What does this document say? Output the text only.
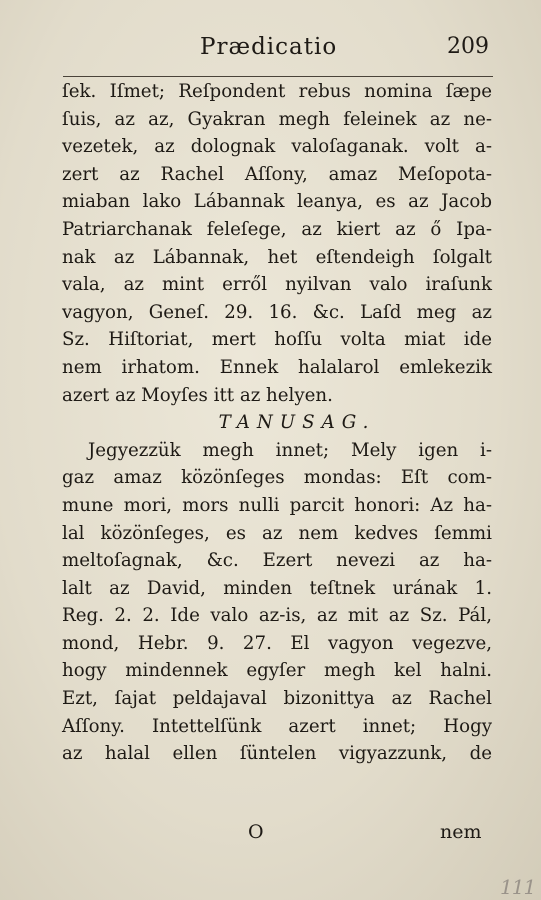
Prædicatio	209
ſek. Iſmet; Reſpondent rebus nomina ſæpe
ſuis, az az, Gyakran megh feleinek az ne-
vezetek, az dolognak valoſaganak. volt a-
zert az Rachel Aſſony, amaz Meſopota-
miaban lako Lábannak leanya, es az Jacob
Patriarchanak feleſege, az kiert az ő Ipa-
nak az Lábannak, het eſtendeigh ſolgalt
vala, az mint erről nyilvan valo iraſunk
vagyon, Geneſ. 29. 16. &c. Laſd meg az
Sz. Hiſtoriat, mert hoſſu volta miat ide
nem irhatom. Ennek halalarol emlekezik
azert az Moyſes itt az helyen.
TANUSAG.
Jegyezzük megh innet; Mely igen i-
gaz amaz közönſeges mondas: Eſt com-
mune mori, mors nulli parcit honori: Az ha-
lal közönſeges, es az nem kedves ſemmi
meltoſagnak, &c. Ezert nevezi az ha-
lalt az David, minden teſtnek urának 1.
Reg. 2. 2. Ide valo az-is, az mit az Sz. Pál,
mond, Hebr. 9. 27. El vagyon vegezve,
hogy mindennek egyſer megh kel halni.
Ezt, ſajat peldajaval bizonittya az Rachel
Aſſony. Intettelſünk azert innet; Hogy
az halal ellen ſüntelen vigyazzunk, de
O	nem
111
